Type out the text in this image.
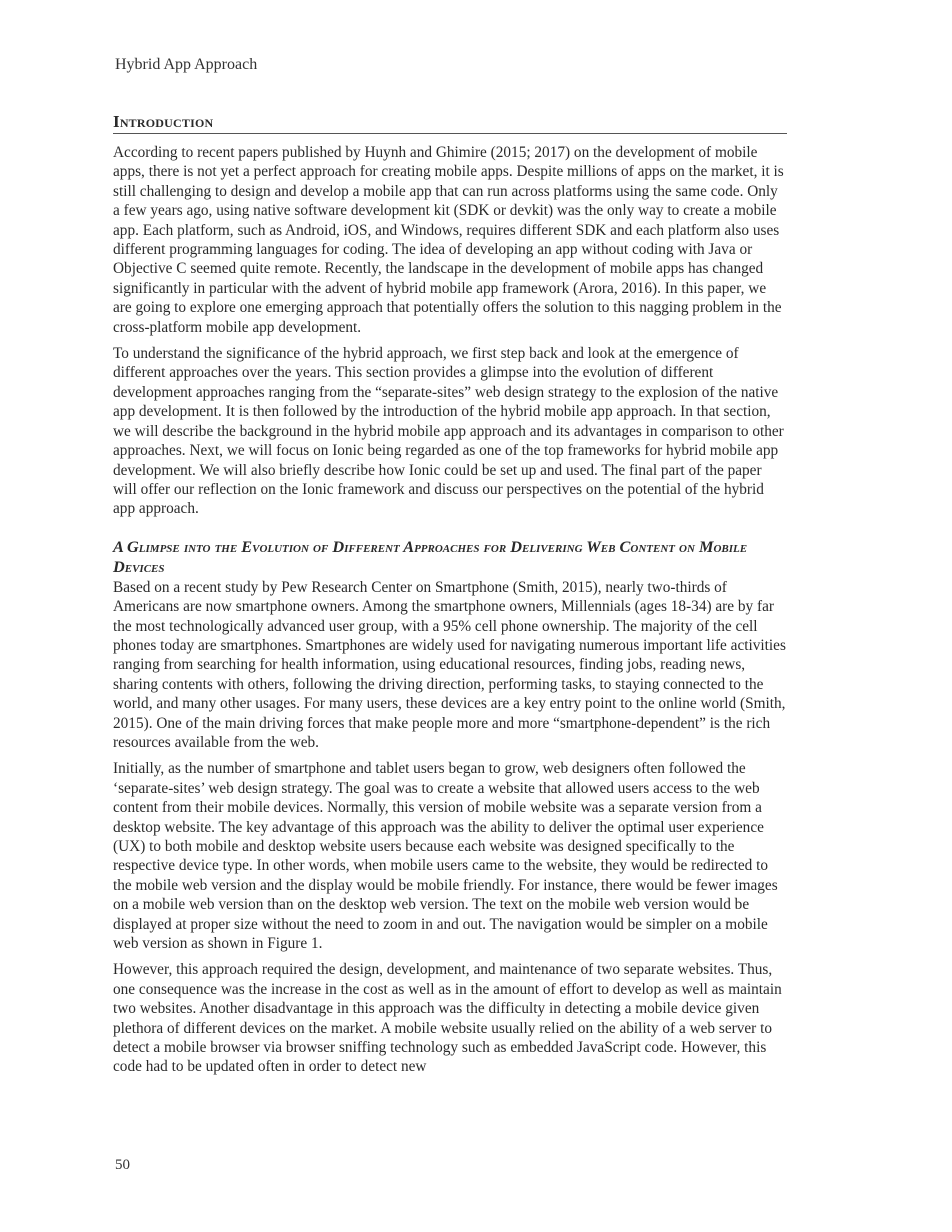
Hybrid App Approach
Introduction

According to recent papers published by Huynh and Ghimire (2015; 2017) on the development of mobile apps, there is not yet a perfect approach for creating mobile apps. Despite millions of apps on the market, it is still challenging to design and develop a mobile app that can run across platforms using the same code. Only a few years ago, using native software development kit (SDK or devkit) was the only way to create a mobile app. Each platform, such as Android, iOS, and Windows, requires different SDK and each platform also uses different programming languages for coding. The idea of developing an app without coding with Java or Objective C seemed quite remote. Recently, the landscape in the development of mobile apps has changed significantly in particular with the advent of hybrid mobile app framework (Arora, 2016). In this paper, we are going to explore one emerging approach that potentially offers the solution to this nagging problem in the cross-platform mobile app development.

To understand the significance of the hybrid approach, we first step back and look at the emergence of different approaches over the years. This section provides a glimpse into the evolution of different development approaches ranging from the “separate-sites” web design strategy to the explosion of the native app development. It is then followed by the introduction of the hybrid mobile app approach. In that section, we will describe the background in the hybrid mobile app approach and its advantages in comparison to other approaches. Next, we will focus on Ionic being regarded as one of the top frameworks for hybrid mobile app development. We will also briefly describe how Ionic could be set up and used. The final part of the paper will offer our reflection on the Ionic framework and discuss our perspectives on the potential of the hybrid app approach.

A Glimpse into the Evolution of Different Approaches for Delivering Web Content on Mobile Devices

Based on a recent study by Pew Research Center on Smartphone (Smith, 2015), nearly two-thirds of Americans are now smartphone owners. Among the smartphone owners, Millennials (ages 18-34) are by far the most technologically advanced user group, with a 95% cell phone ownership. The majority of the cell phones today are smartphones. Smartphones are widely used for navigating numerous important life activities ranging from searching for health information, using educational resources, finding jobs, reading news, sharing contents with others, following the driving direction, performing tasks, to staying connected to the world, and many other usages. For many users, these devices are a key entry point to the online world (Smith, 2015). One of the main driving forces that make people more and more “smartphone-dependent” is the rich resources available from the web.

Initially, as the number of smartphone and tablet users began to grow, web designers often followed the ‘separate-sites’ web design strategy. The goal was to create a website that allowed users access to the web content from their mobile devices. Normally, this version of mobile website was a separate version from a desktop website. The key advantage of this approach was the ability to deliver the optimal user experience (UX) to both mobile and desktop website users because each website was designed specifically to the respective device type. In other words, when mobile users came to the website, they would be redirected to the mobile web version and the display would be mobile friendly. For instance, there would be fewer images on a mobile web version than on the desktop web version. The text on the mobile web version would be displayed at proper size without the need to zoom in and out. The navigation would be simpler on a mobile web version as shown in Figure 1.

However, this approach required the design, development, and maintenance of two separate websites. Thus, one consequence was the increase in the cost as well as in the amount of effort to develop as well as maintain two websites. Another disadvantage in this approach was the difficulty in detecting a mobile device given plethora of different devices on the market. A mobile website usually relied on the ability of a web server to detect a mobile browser via browser sniffing technology such as embedded JavaScript code. However, this code had to be updated often in order to detect new

50
